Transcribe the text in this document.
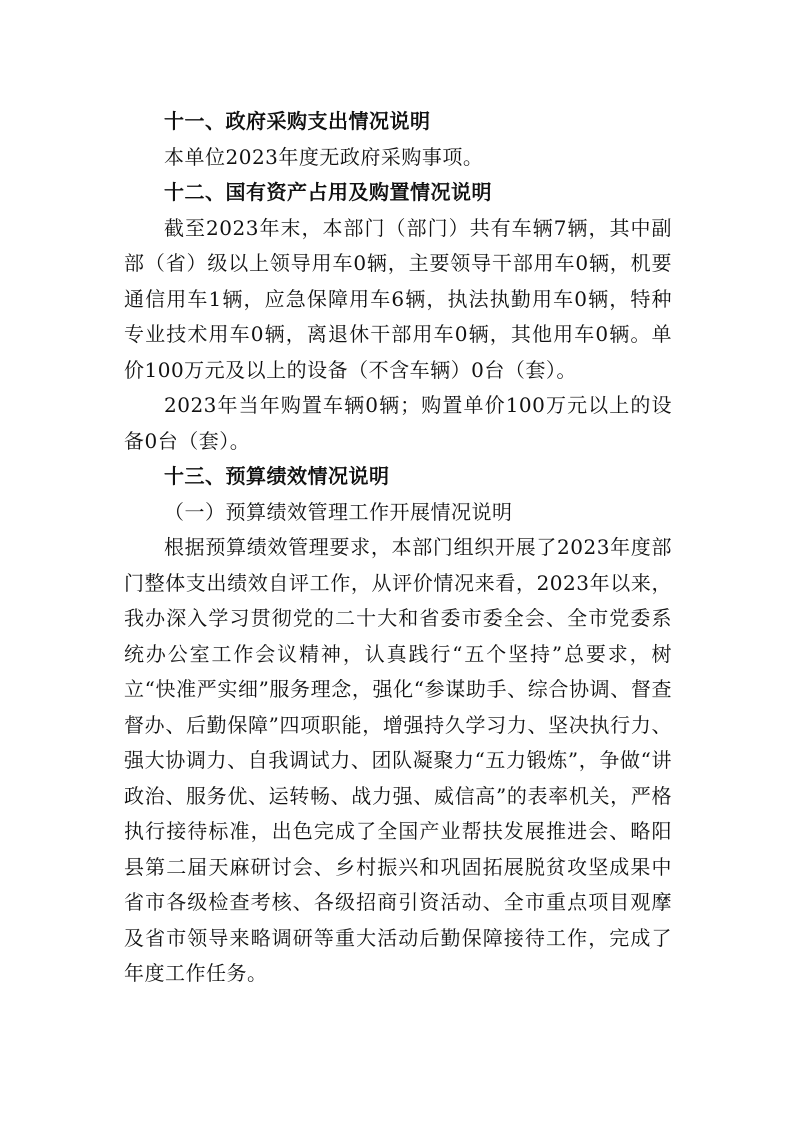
十一、政府采购支出情况说明

本单位2023年度无政府采购事项。

十二、国有资产占用及购置情况说明

截至2023年末，本部门（部门）共有车辆7辆，其中副部（省）级以上领导用车0辆，主要领导干部用车0辆，机要通信用车1辆，应急保障用车6辆，执法执勤用车0辆，特种专业技术用车0辆，离退休干部用车0辆，其他用车0辆。单价100万元及以上的设备（不含车辆）0台（套）。

2023年当年购置车辆0辆；购置单价100万元以上的设备0台（套）。

十三、预算绩效情况说明

（一）预算绩效管理工作开展情况说明

根据预算绩效管理要求，本部门组织开展了2023年度部门整体支出绩效自评工作，从评价情况来看，2023年以来，我办深入学习贯彻党的二十大和省委市委全会、全市党委系统办公室工作会议精神，认真践行“五个坚持”总要求，树立“快准严实细”服务理念，强化“参谋助手、综合协调、督查督办、后勤保障”四项职能，增强持久学习力、坚决执行力、强大协调力、自我调试力、团队凝聚力“五力锻炼”，争做“讲政治、服务优、运转畅、战力强、威信高”的表率机关，严格执行接待标准，出色完成了全国产业帮扶发展推进会、略阳县第二届天麻研讨会、乡村振兴和巩固拓展脱贫攻坚成果中省市各级检查考核、各级招商引资活动、全市重点项目观摩及省市领导来略调研等重大活动后勤保障接待工作，完成了年度工作任务。
